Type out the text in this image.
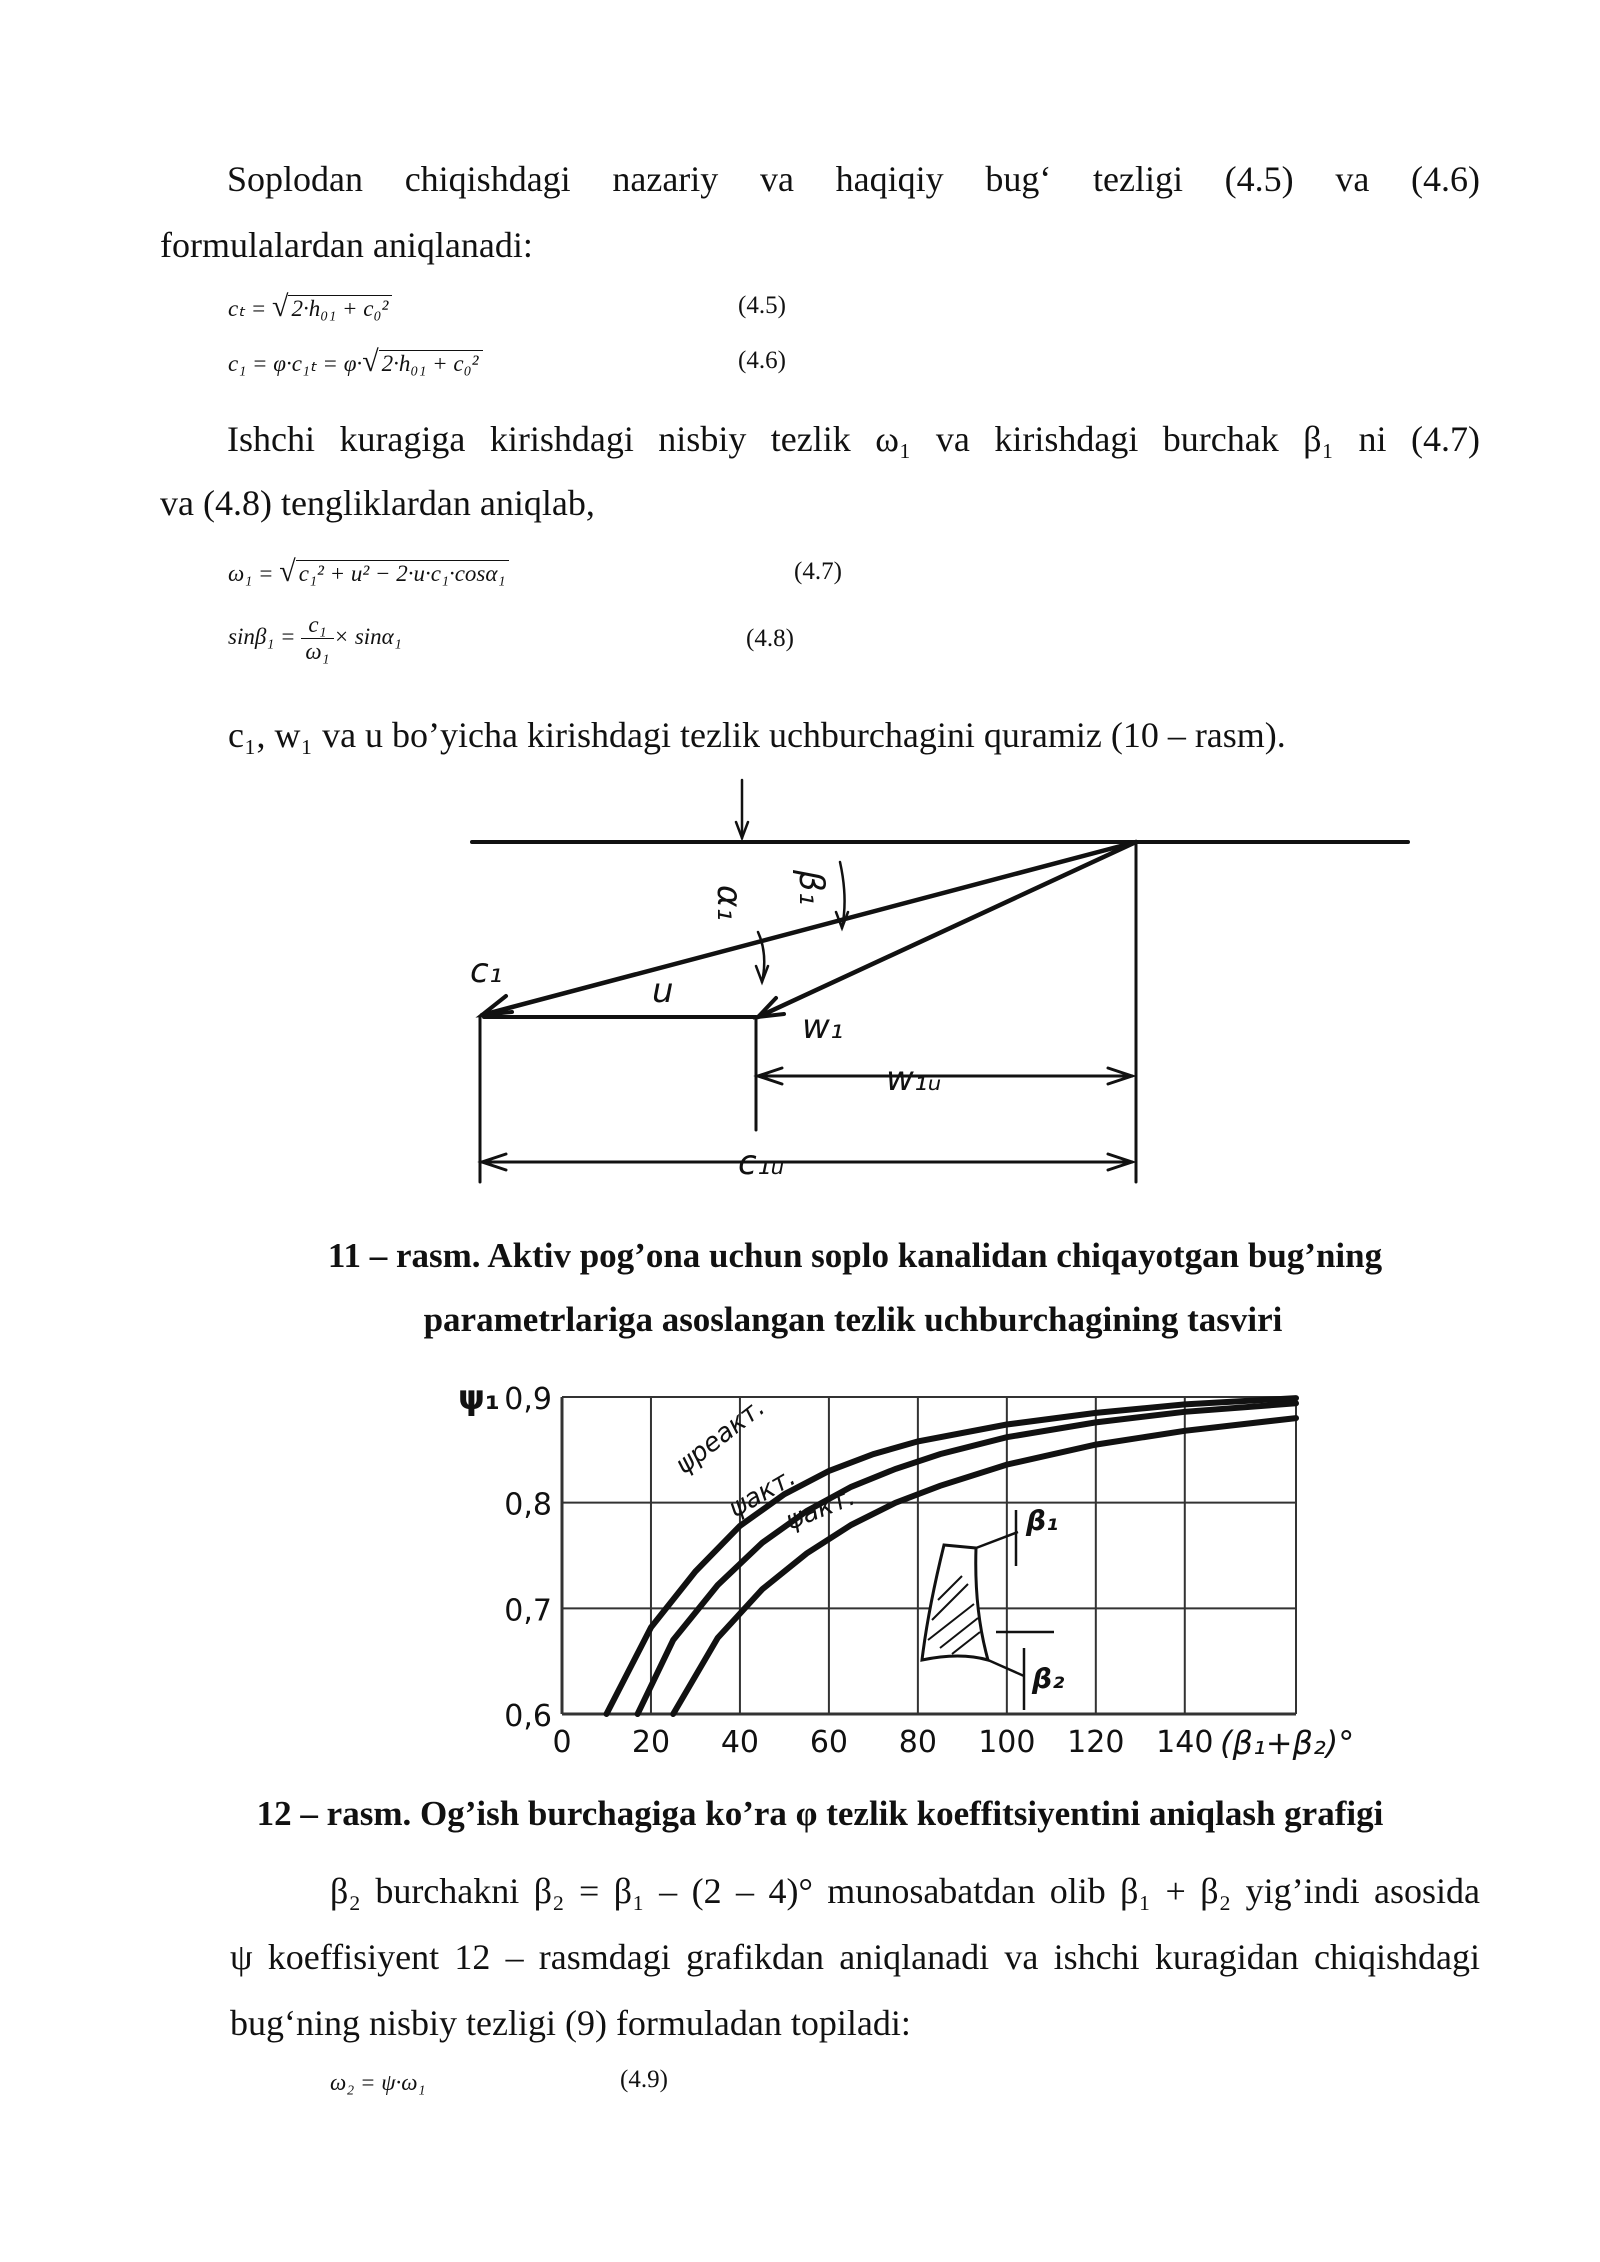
Soplodan chiqishdagi nazariy va haqiqiy bug‘ tezligi (4.5) va (4.6)
formulalardan aniqlanadi:
cₜ = √ 2·h₀₁ + c₀²	(4.5)
c₁ = φ·c₁ₜ = φ·√ 2·h₀₁ + c₀²	(4.6)
Ishchi kuragiga kirishdagi nisbiy tezlik ω₁ va kirishdagi burchak β₁ ni (4.7)
va (4.8) tengliklardan aniqlab,
ω₁ = √ c₁² + u² − 2·u·c₁·cosα₁	(4.7)
$\sin\beta_1 = \frac{\text{c₁}}{\text{ω₁}} \times \sin\alpha_1$	(4.8)
c₁, w₁ va u bo’yicha kirishdagi tezlik uchburchagini quramiz (10 – rasm).
c₁	u
w₁
w₁ᵤ
c₁ᵤ
α₁ β₁
11 – rasm. Aktiv pog’ona uchun soplo kanalidan chiqayotgan bug’ning
parametrlariga asoslangan tezlik uchburchagining tasviri
0,6
0,7
0,8
0,9
0 20 40 60 80 100 120 140
ψ₁
(β₁+β₂)°
ψреакт.
ψакт.
ψакт.	β₁
β₂
12 – rasm. Og’ish burchagiga ko’ra φ tezlik koeffitsiyentini aniqlash grafigi
β₂ burchakni β₂ = β₁ – (2 – 4)° munosabatdan olib β₁ + β₂ yig’indi asosida
ψ koeffisiyent 12 – rasmdagi grafikdan aniqlanadi va ishchi kuragidan chiqishdagi
bug‘ning nisbiy tezligi (9) formuladan topiladi:
ω₂ = ψ·ω₁	(4.9)
